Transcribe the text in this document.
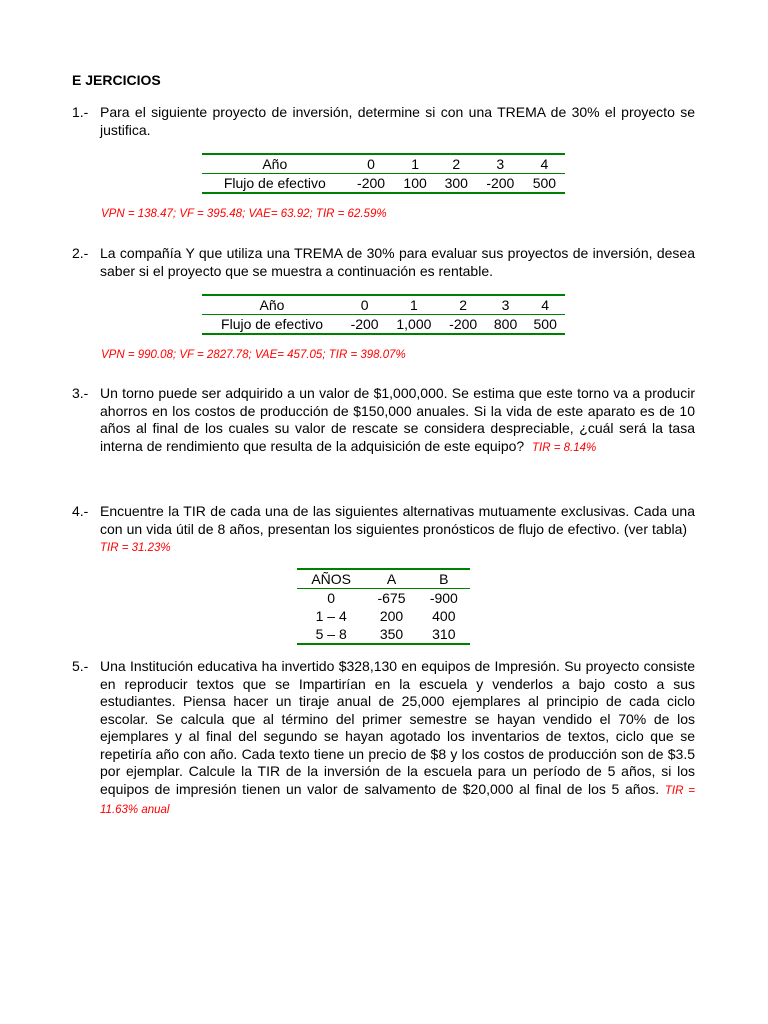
E JERCICIOS
1.- Para el siguiente proyecto de inversión, determine si con una TREMA de 30% el proyecto se justifica.
Año	0	1	2	3	4
Flujo de efectivo	-200	100	300	-200	500
VPN = 138.47; VF = 395.48; VAE= 63.92; TIR = 62.59%
2.- La compañía Y que utiliza una TREMA de 30% para evaluar sus proyectos de inversión, desea saber si el proyecto que se muestra a continuación es rentable.
Año	0	1	2	3	4
Flujo de efectivo	-200	1,000	-200	800	500
VPN = 990.08; VF = 2827.78; VAE= 457.05; TIR = 398.07%
3.- Un torno puede ser adquirido a un valor de $1,000,000. Se estima que este torno va a producir ahorros en los costos de producción de $150,000 anuales. Si la vida de este aparato es de 10 años al final de los cuales su valor de rescate se considera despreciable, ¿cuál será la tasa interna de rendimiento que resulta de la adquisición de este equipo? TIR = 8.14%
4.- Encuentre la TIR de cada una de las siguientes alternativas mutuamente exclusivas. Cada una con un vida útil de 8 años, presentan los siguientes pronósticos de flujo de efectivo. (ver tabla)   TIR = 31.23%
AÑOS	A	B
0	-675	-900
1 – 4	200	400
5 – 8	350	310
5.- Una Institución educativa ha invertido $328,130 en equipos de Impresión. Su proyecto consiste en reproducir textos que se Impartirían en la escuela y venderlos a bajo costo a sus estudiantes. Piensa hacer un tiraje anual de 25,000 ejemplares al principio de cada ciclo escolar. Se calcula que al término del primer semestre se hayan vendido el 70% de los ejemplares y al final del segundo se hayan agotado los inventarios de textos, ciclo que se repetiría año con año. Cada texto tiene un precio de $8 y los costos de producción son de $3.5 por ejemplar. Calcule la TIR de la inversión de la escuela para un período de 5 años, si los equipos de impresión tienen un valor de salvamento de $20,000 al final de los 5 años. TIR = 11.63% anual
